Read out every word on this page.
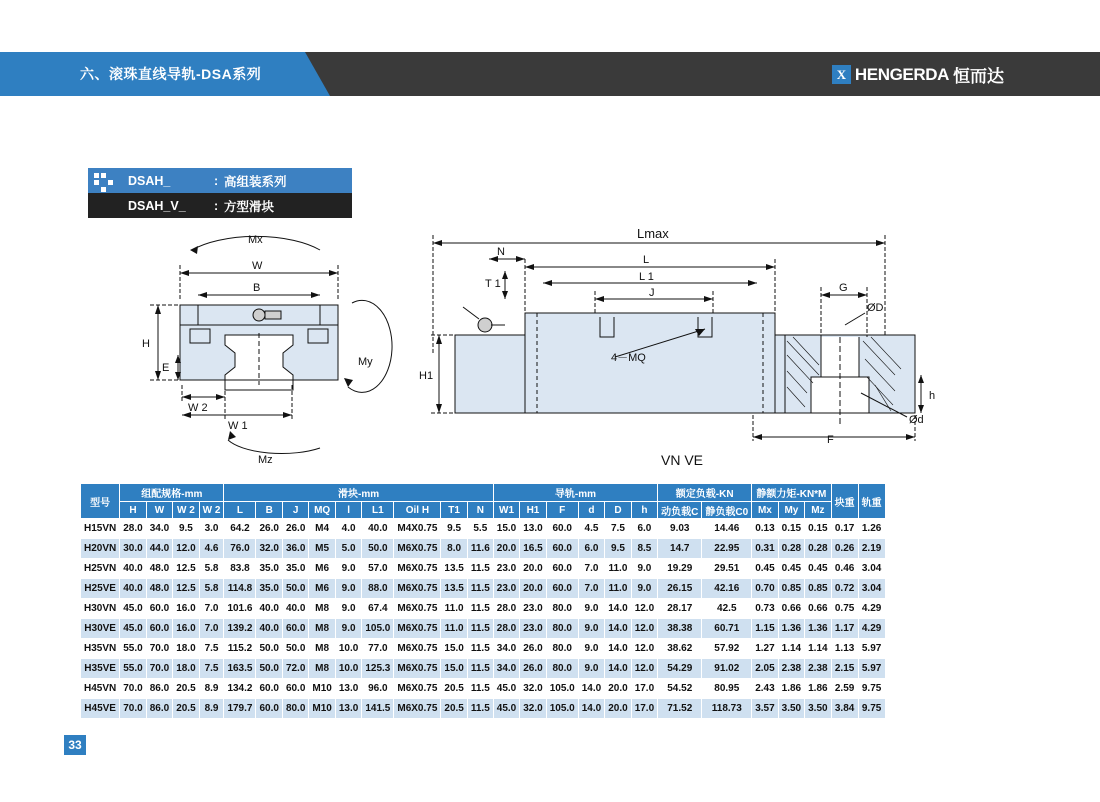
六、滚珠直线导轨-DSA系列	X HENGERDA 恒而达
DSAH_	: 高组装系列
DSAH_V_	: 方型滑块
Mx
W
B
H
E
W 2
W 1
My
Mz
Lmax
L
L 1
J
N
T 1
H1
h
G
ØD
Ød
4－MQ
F
VN VE
型号	组配规格-mm				滑块-mm									导轨-mm						额定负载-KN		静额力矩-KN*M			块重	轨重
	H	W	W 2	W 2	L	B	J	MQ	l	L1	Oil H	T1	N	W1	H1	F	d	D	h	动负载C	静负载C0	Mx	My	Mz		
H15VN	28.0	34.0	9.5	3.0	64.2	26.0	26.0	M4	4.0	40.0	M4X0.75	9.5	5.5	15.0	13.0	60.0	4.5	7.5	6.0	9.03	14.46	0.13	0.15	0.15	0.17	1.26
H20VN	30.0	44.0	12.0	4.6	76.0	32.0	36.0	M5	5.0	50.0	M6X0.75	8.0	11.6	20.0	16.5	60.0	6.0	9.5	8.5	14.7	22.95	0.31	0.28	0.28	0.26	2.19
H25VN	40.0	48.0	12.5	5.8	83.8	35.0	35.0	M6	9.0	57.0	M6X0.75	13.5	11.5	23.0	20.0	60.0	7.0	11.0	9.0	19.29	29.51	0.45	0.45	0.45	0.46	3.04
H25VE	40.0	48.0	12.5	5.8	114.8	35.0	50.0	M6	9.0	88.0	M6X0.75	13.5	11.5	23.0	20.0	60.0	7.0	11.0	9.0	26.15	42.16	0.70	0.85	0.85	0.72	3.04
H30VN	45.0	60.0	16.0	7.0	101.6	40.0	40.0	M8	9.0	67.4	M6X0.75	11.0	11.5	28.0	23.0	80.0	9.0	14.0	12.0	28.17	42.5	0.73	0.66	0.66	0.75	4.29
H30VE	45.0	60.0	16.0	7.0	139.2	40.0	60.0	M8	9.0	105.0	M6X0.75	11.0	11.5	28.0	23.0	80.0	9.0	14.0	12.0	38.38	60.71	1.15	1.36	1.36	1.17	4.29
H35VN	55.0	70.0	18.0	7.5	115.2	50.0	50.0	M8	10.0	77.0	M6X0.75	15.0	11.5	34.0	26.0	80.0	9.0	14.0	12.0	38.62	57.92	1.27	1.14	1.14	1.13	5.97
H35VE	55.0	70.0	18.0	7.5	163.5	50.0	72.0	M8	10.0	125.3	M6X0.75	15.0	11.5	34.0	26.0	80.0	9.0	14.0	12.0	54.29	91.02	2.05	2.38	2.38	2.15	5.97
H45VN	70.0	86.0	20.5	8.9	134.2	60.0	60.0	M10	13.0	96.0	M6X0.75	20.5	11.5	45.0	32.0	105.0	14.0	20.0	17.0	54.52	80.95	2.43	1.86	1.86	2.59	9.75
H45VE	70.0	86.0	20.5	8.9	179.7	60.0	80.0	M10	13.0	141.5	M6X0.75	20.5	11.5	45.0	32.0	105.0	14.0	20.0	17.0	71.52	118.73	3.57	3.50	3.50	3.84	9.75
33
